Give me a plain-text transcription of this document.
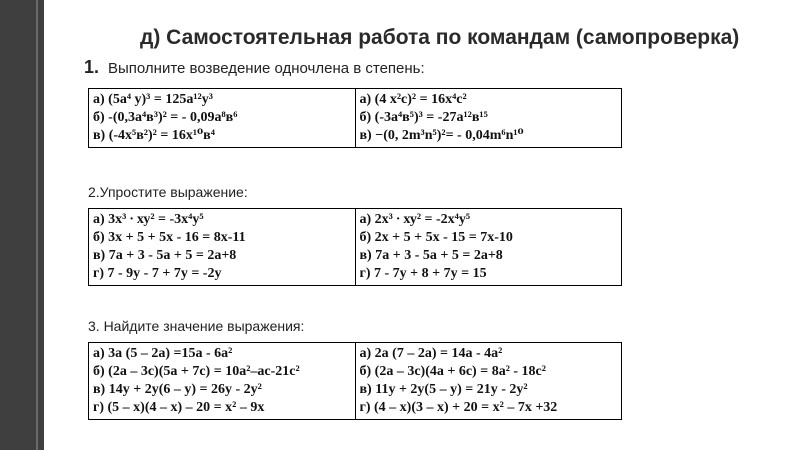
д) Самостоятельная работа по командам (самопроверка)
1. Выполните возведение одночлена в степень:
а) (5а⁴ у)³ = 125а¹²у³
б) -(0,3а⁴в³)² = - 0,09а⁸в⁶
в) (-4х⁵в²)² = 16х¹⁰в⁴

а) (4 х²с)² = 16х⁴с²
б) (-3а⁴в⁵)³ = -27а¹²в¹⁵
в) −(0, 2m³n⁵)²= - 0,04m⁶n¹⁰
2.Упростите выражение:
а) 3х³ ∙ ху² = -3х⁴у⁵
б) 3х + 5 + 5х - 16 = 8х-11
в) 7а + 3 - 5а + 5 = 2а+8
г) 7 - 9у - 7 + 7у = -2у

а) 2х³ ∙ ху² = -2х⁴у⁵
б) 2х + 5 + 5х - 15 = 7х-10
в) 7а + 3 - 5а + 5 = 2а+8
г) 7 - 7у + 8 + 7у = 15
3. Найдите значение выражения:
а) 3а (5 – 2а) =15а - 6а²
б) (2а – 3с)(5а + 7с) = 10а²–ас-21с²
в) 14у + 2у(6 – у) = 26у - 2у²
г) (5 – х)(4 – х) – 20 = х² – 9х

а) 2а (7 – 2а) = 14а - 4а²
б) (2а – 3с)(4а + 6с) = 8а² - 18с²
в) 11у + 2у(5 – у) = 21у - 2у²
г) (4 – х)(3 – х) + 20 = х² – 7х +32
